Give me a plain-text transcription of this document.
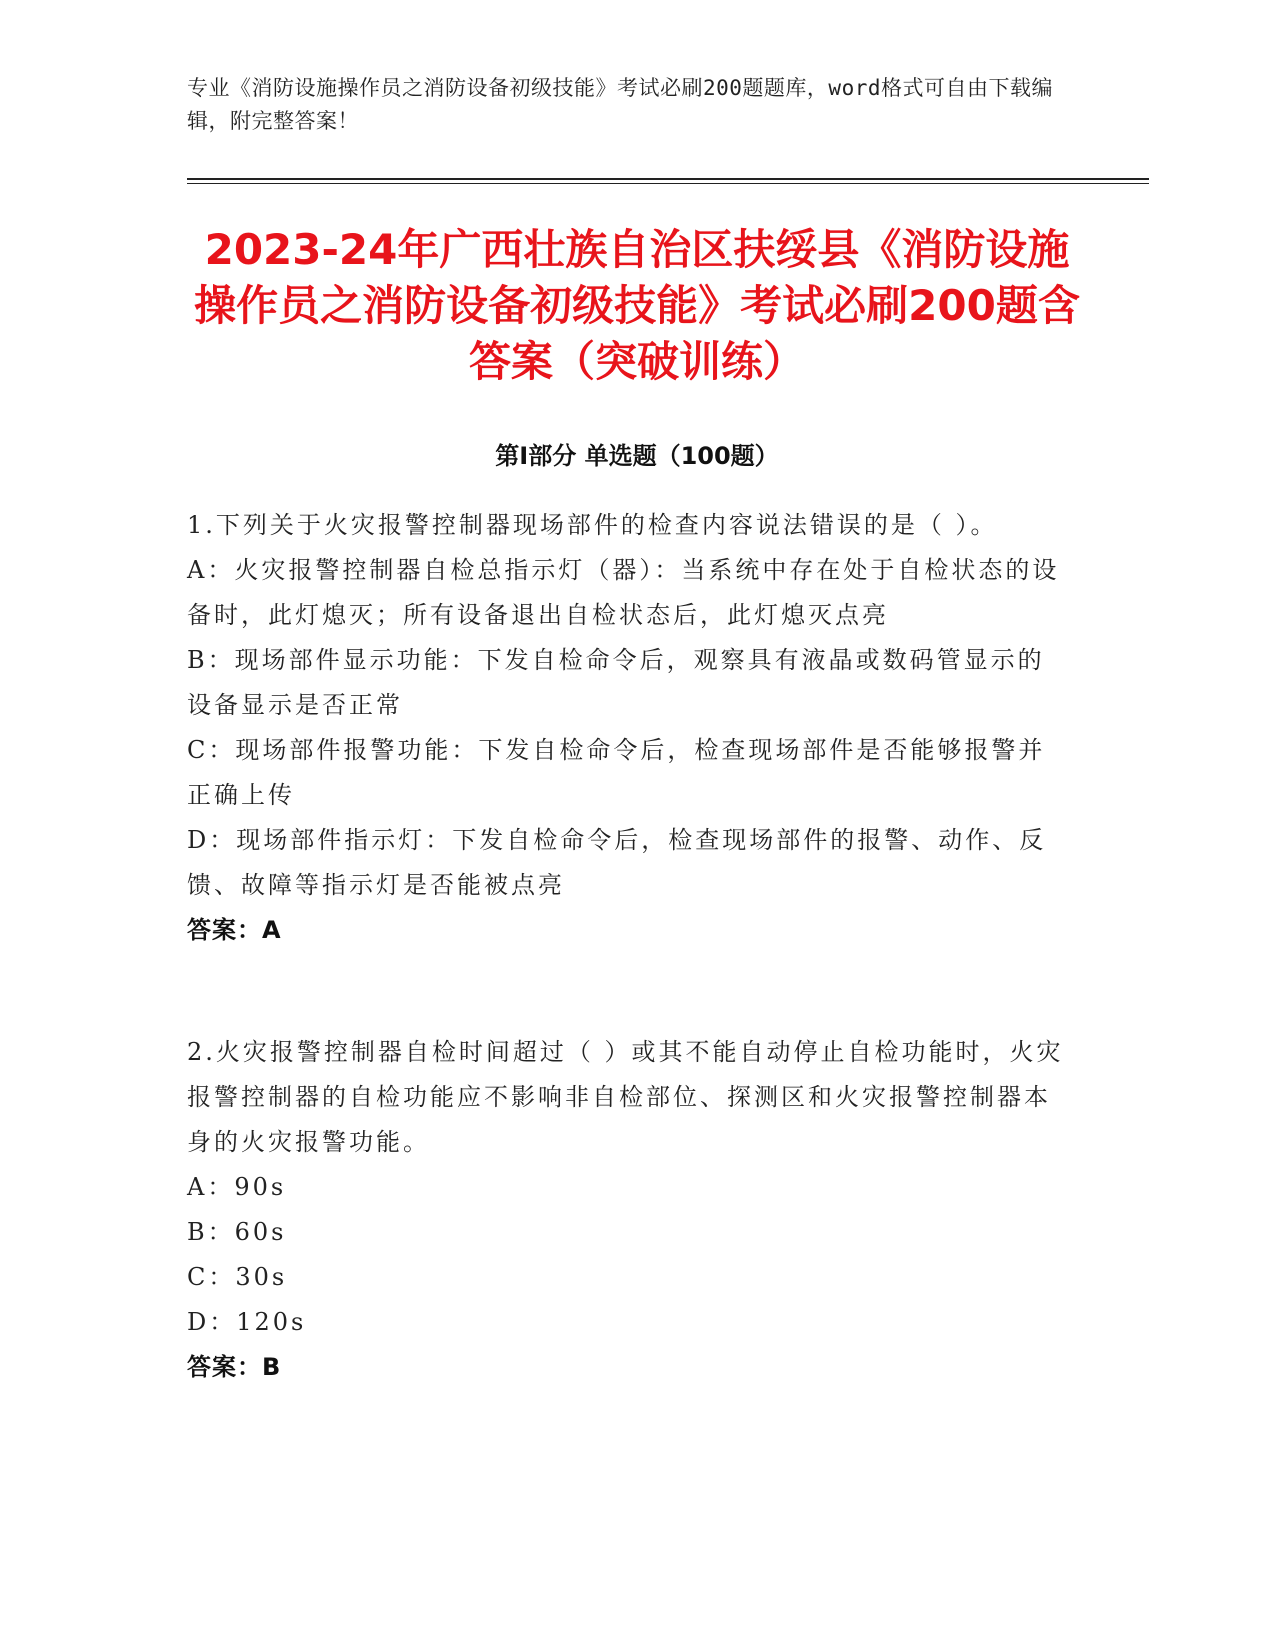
专业《消防设施操作员之消防设备初级技能》考试必刷200题题库，word格式可自由下载编辑，附完整答案！
2023-24年广西壮族自治区扶绥县《消防设施操作员之消防设备初级技能》考试必刷200题含答案（突破训练）
第Ⅰ部分 单选题（100题）
1.下列关于火灾报警控制器现场部件的检查内容说法错误的是（ ）。
A：火灾报警控制器自检总指示灯（器）：当系统中存在处于自检状态的设备时，此灯熄灭；所有设备退出自检状态后，此灯熄灭点亮
B：现场部件显示功能：下发自检命令后，观察具有液晶或数码管显示的设备显示是否正常
C：现场部件报警功能：下发自检命令后，检查现场部件是否能够报警并正确上传
D：现场部件指示灯：下发自检命令后，检查现场部件的报警、动作、反馈、故障等指示灯是否能被点亮
答案：A
2.火灾报警控制器自检时间超过（ ）或其不能自动停止自检功能时，火灾报警控制器的自检功能应不影响非自检部位、探测区和火灾报警控制器本身的火灾报警功能。
A：90s
B：60s
C：30s
D：120s
答案：B
